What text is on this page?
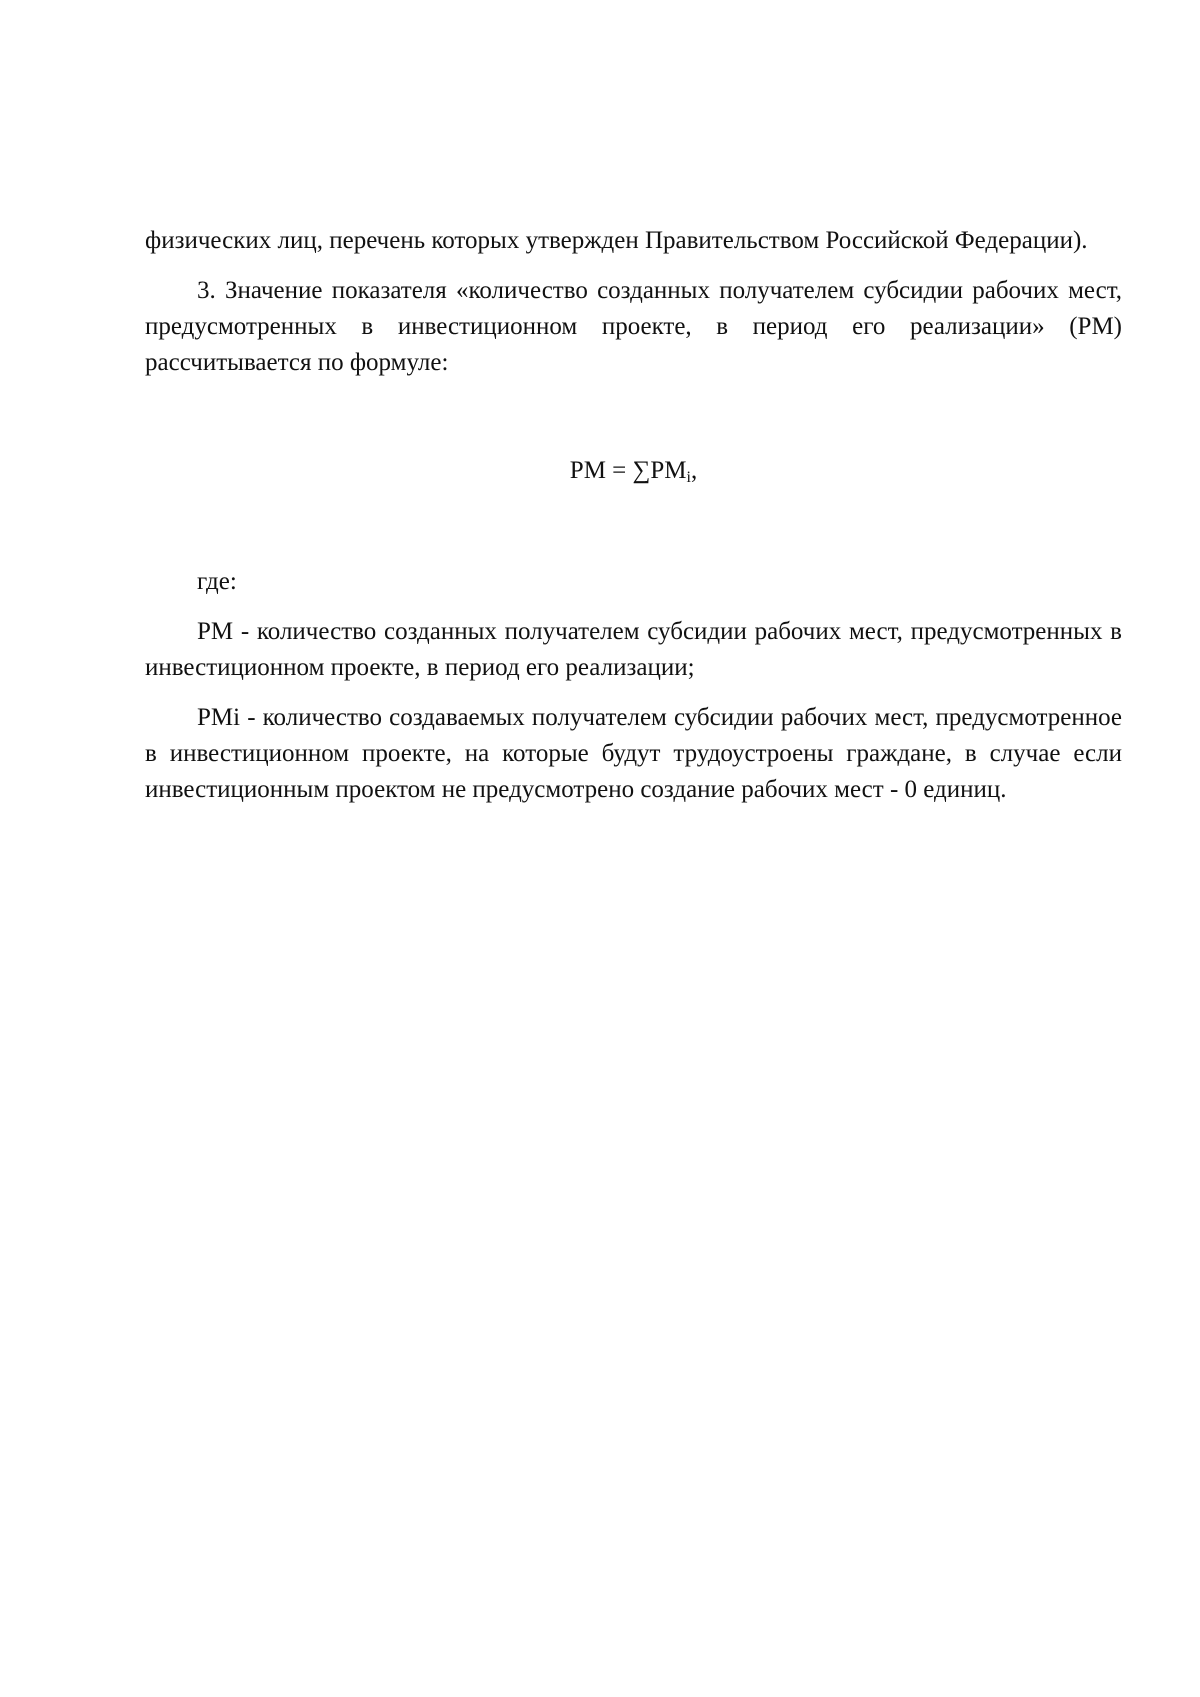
физических лиц, перечень которых утвержден Правительством Российской Федерации).

3. Значение показателя «количество созданных получателем субсидии рабочих мест, предусмотренных в инвестиционном проекте, в период его реализации» (РМ) рассчитывается по формуле:

РМ = $\sum РМ_i$,

где:

РМ - количество созданных получателем субсидии рабочих мест, предусмотренных в инвестиционном проекте, в период его реализации;

РМi - количество создаваемых получателем субсидии рабочих мест, предусмотренное в инвестиционном проекте, на которые будут трудоустроены граждане, в случае если инвестиционным проектом не предусмотрено создание рабочих мест - 0 единиц.
